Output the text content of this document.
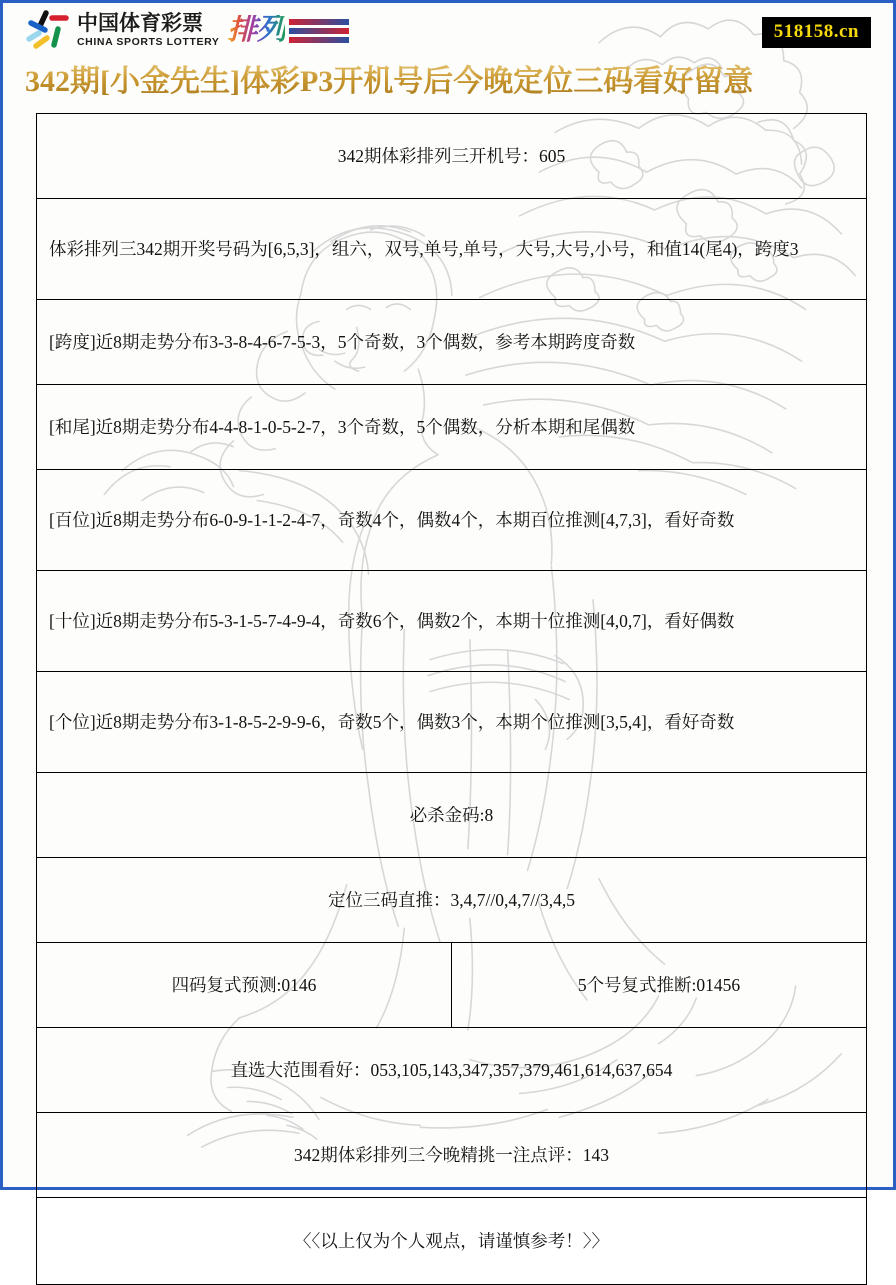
中国体育彩票
CHINA SPORTS LOTTERY 排列	518158.cn
342期[小金先生]体彩P3开机号后今晚定位三码看好留意
342期体彩排列三开机号：605
体彩排列三342期开奖号码为[6,5,3]，组六，双号,单号,单号，大号,大号,小号，和值14(尾4)，跨度3
[跨度]近8期走势分布3-3-8-4-6-7-5-3，5个奇数，3个偶数，参考本期跨度奇数
[和尾]近8期走势分布4-4-8-1-0-5-2-7，3个奇数，5个偶数，分析本期和尾偶数
[百位]近8期走势分布6-0-9-1-1-2-4-7，奇数4个，偶数4个，本期百位推测[4,7,3]，看好奇数
[十位]近8期走势分布5-3-1-5-7-4-9-4，奇数6个，偶数2个，本期十位推测[4,0,7]，看好偶数
[个位]近8期走势分布3-1-8-5-2-9-9-6，奇数5个，偶数3个，本期个位推测[3,5,4]，看好奇数
必杀金码:8
定位三码直推：3,4,7//0,4,7//3,4,5
四码复式预测:0146	5个号复式推断:01456
直选大范围看好：053,105,143,347,357,379,461,614,637,654
342期体彩排列三今晚精挑一注点评：143
〈〈以上仅为个人观点，请谨慎参考！〉〉
